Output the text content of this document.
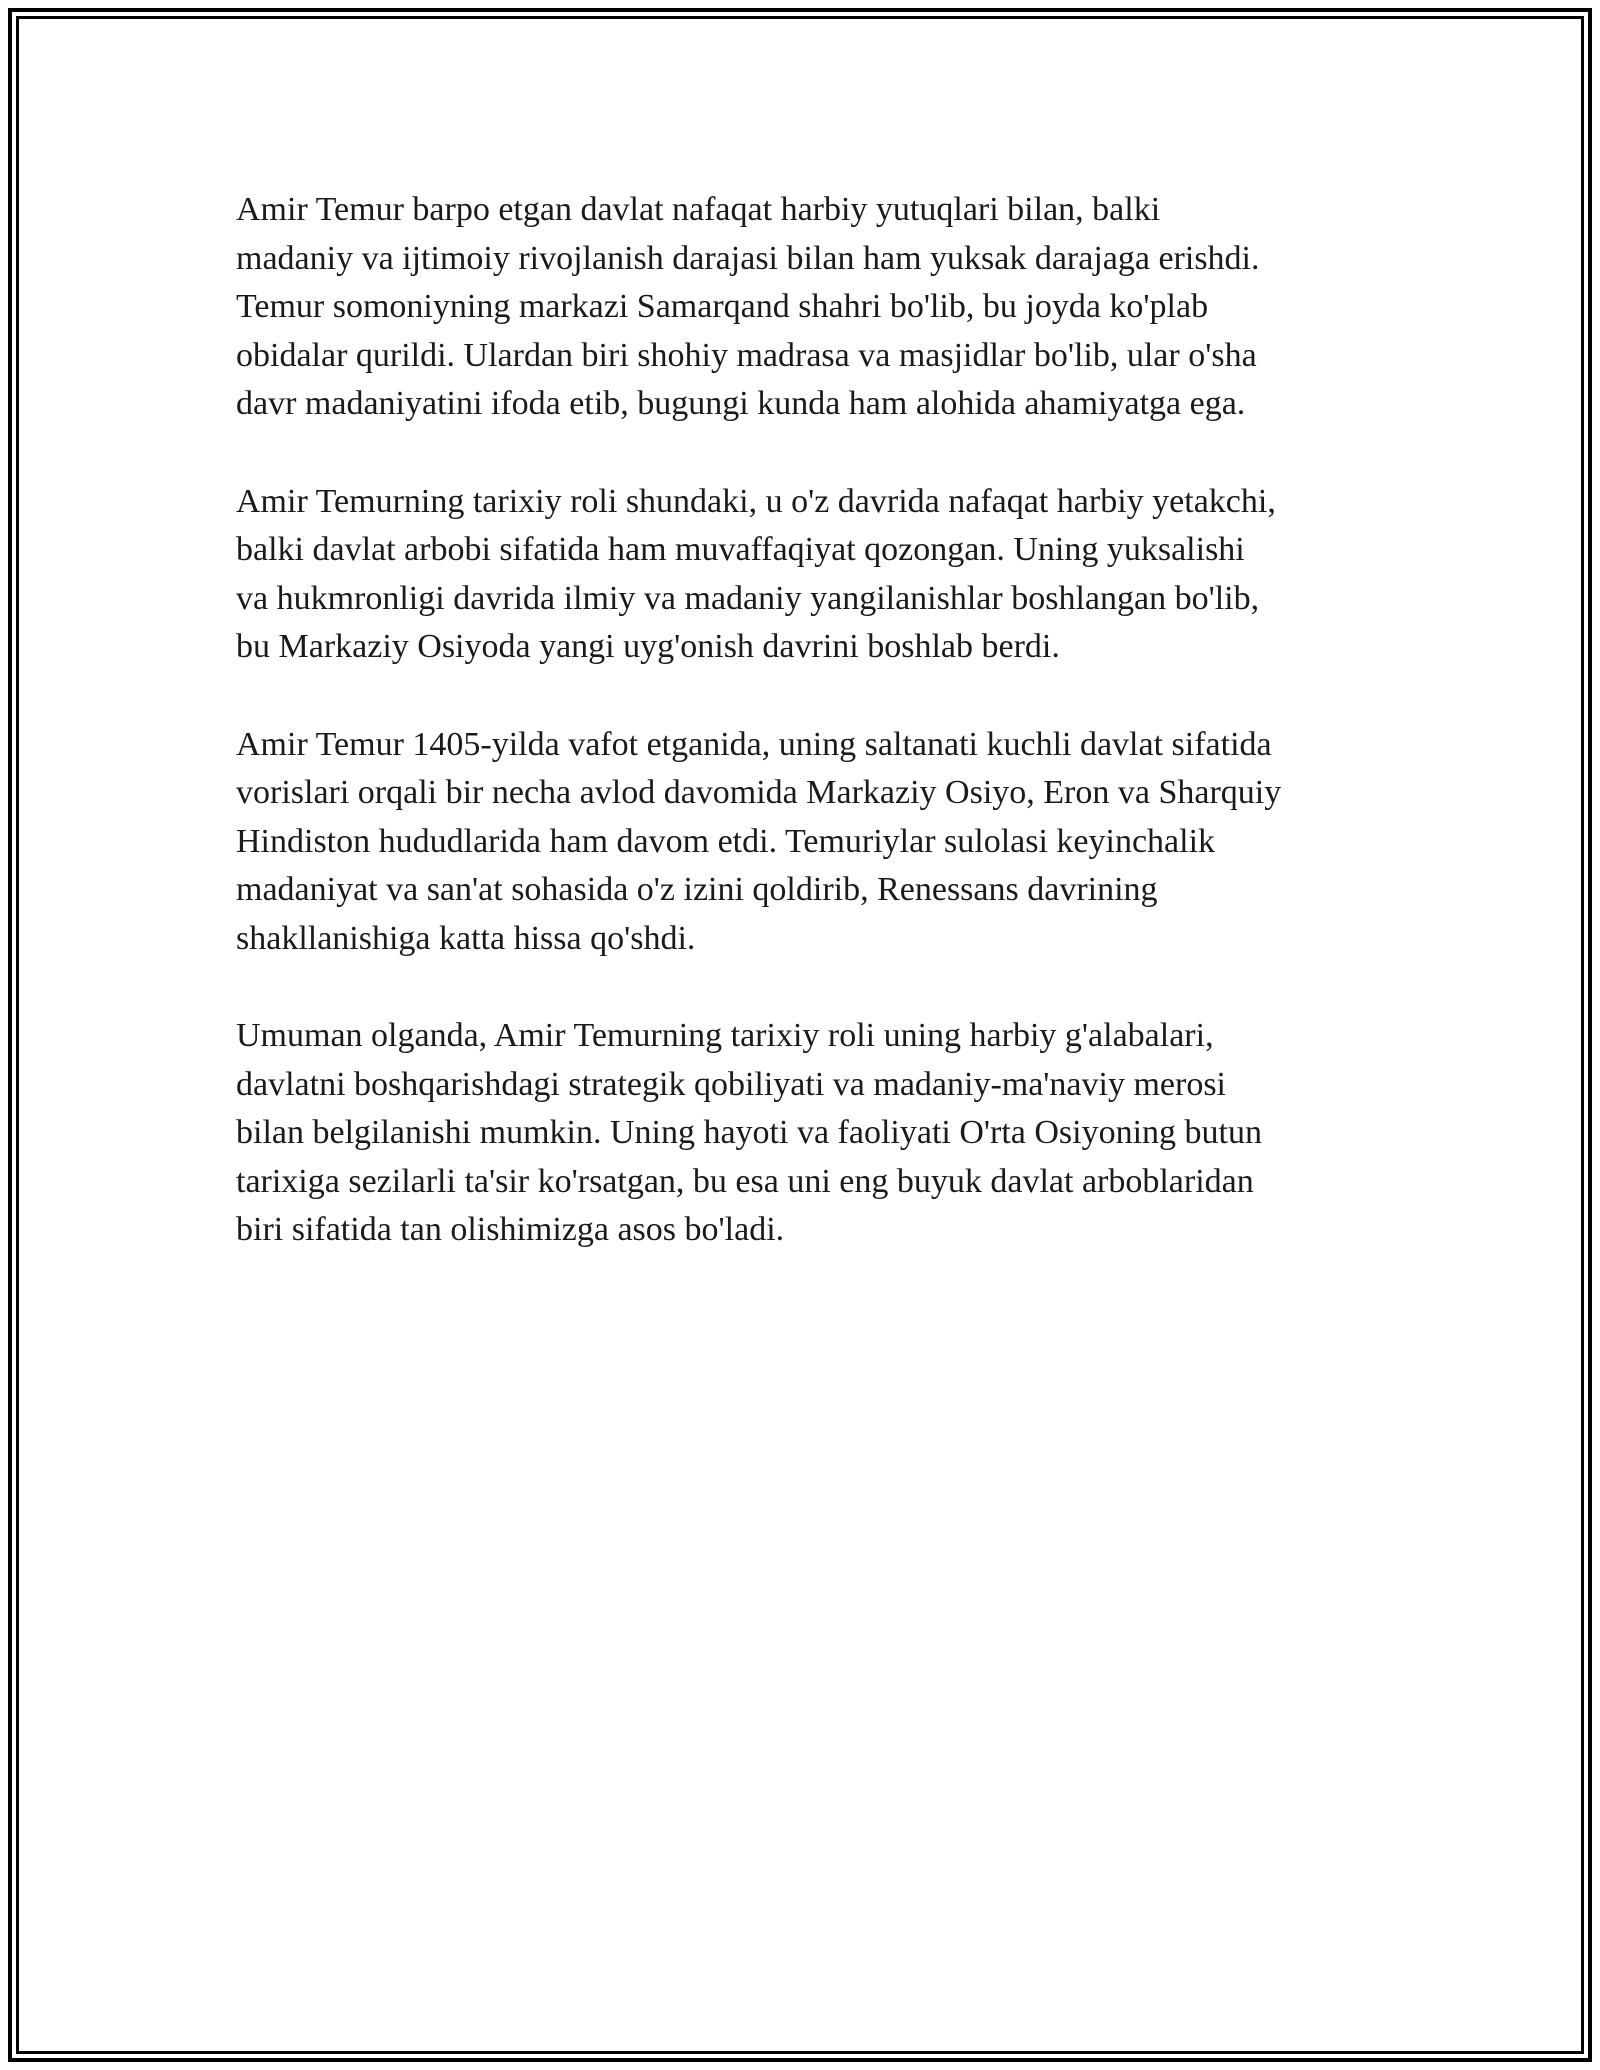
Amir Temur barpo etgan davlat nafaqat harbiy yutuqlari bilan, balki
madaniy va ijtimoiy rivojlanish darajasi bilan ham yuksak darajaga erishdi.
Temur somoniyning markazi Samarqand shahri bo'lib, bu joyda ko'plab
obidalar qurildi. Ulardan biri shohiy madrasa va masjidlar bo'lib, ular o'sha
davr madaniyatini ifoda etib, bugungi kunda ham alohida ahamiyatga ega.

Amir Temurning tarixiy roli shundaki, u o'z davrida nafaqat harbiy yetakchi,
balki davlat arbobi sifatida ham muvaffaqiyat qozongan. Uning yuksalishi
va hukmronligi davrida ilmiy va madaniy yangilanishlar boshlangan bo'lib,
bu Markaziy Osiyoda yangi uyg'onish davrini boshlab berdi.

Amir Temur 1405-yilda vafot etganida, uning saltanati kuchli davlat sifatida
vorislari orqali bir necha avlod davomida Markaziy Osiyo, Eron va Sharquiy
Hindiston hududlarida ham davom etdi. Temuriylar sulolasi keyinchalik
madaniyat va san'at sohasida o'z izini qoldirib, Renessans davrining
shakllanishiga katta hissa qo'shdi.

Umuman olganda, Amir Temurning tarixiy roli uning harbiy g'alabalari,
davlatni boshqarishdagi strategik qobiliyati va madaniy-ma'naviy merosi
bilan belgilanishi mumkin. Uning hayoti va faoliyati O'rta Osiyoning butun
tarixiga sezilarli ta'sir ko'rsatgan, bu esa uni eng buyuk davlat arboblaridan
biri sifatida tan olishimizga asos bo'ladi.
